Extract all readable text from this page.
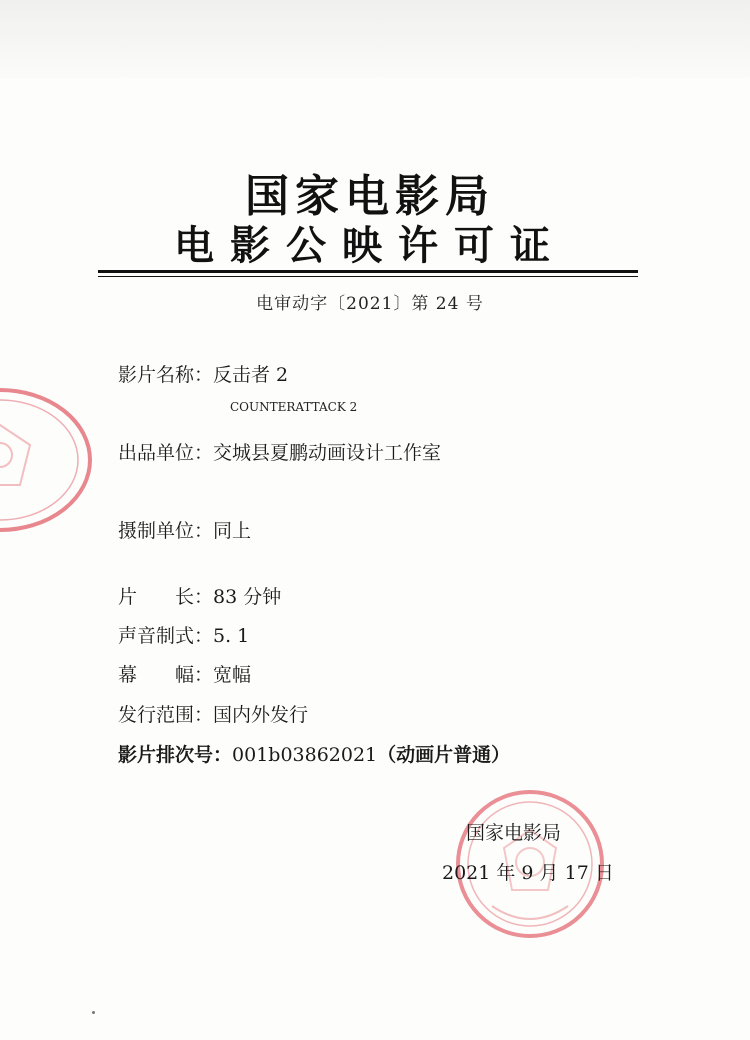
国家电影局
电影公映许可证
电审动字〔2021〕第 24 号
影片名称：反击者 2
COUNTERATTACK 2
出品单位：交城县夏鹏动画设计工作室
摄制单位：同上
片　　长：83 分钟
声音制式：5. 1
幕　　幅：宽幅
发行范围：国内外发行
影片排次号：001b03862021（动画片普通）
国家电影局
2021 年 9 月 17 日
